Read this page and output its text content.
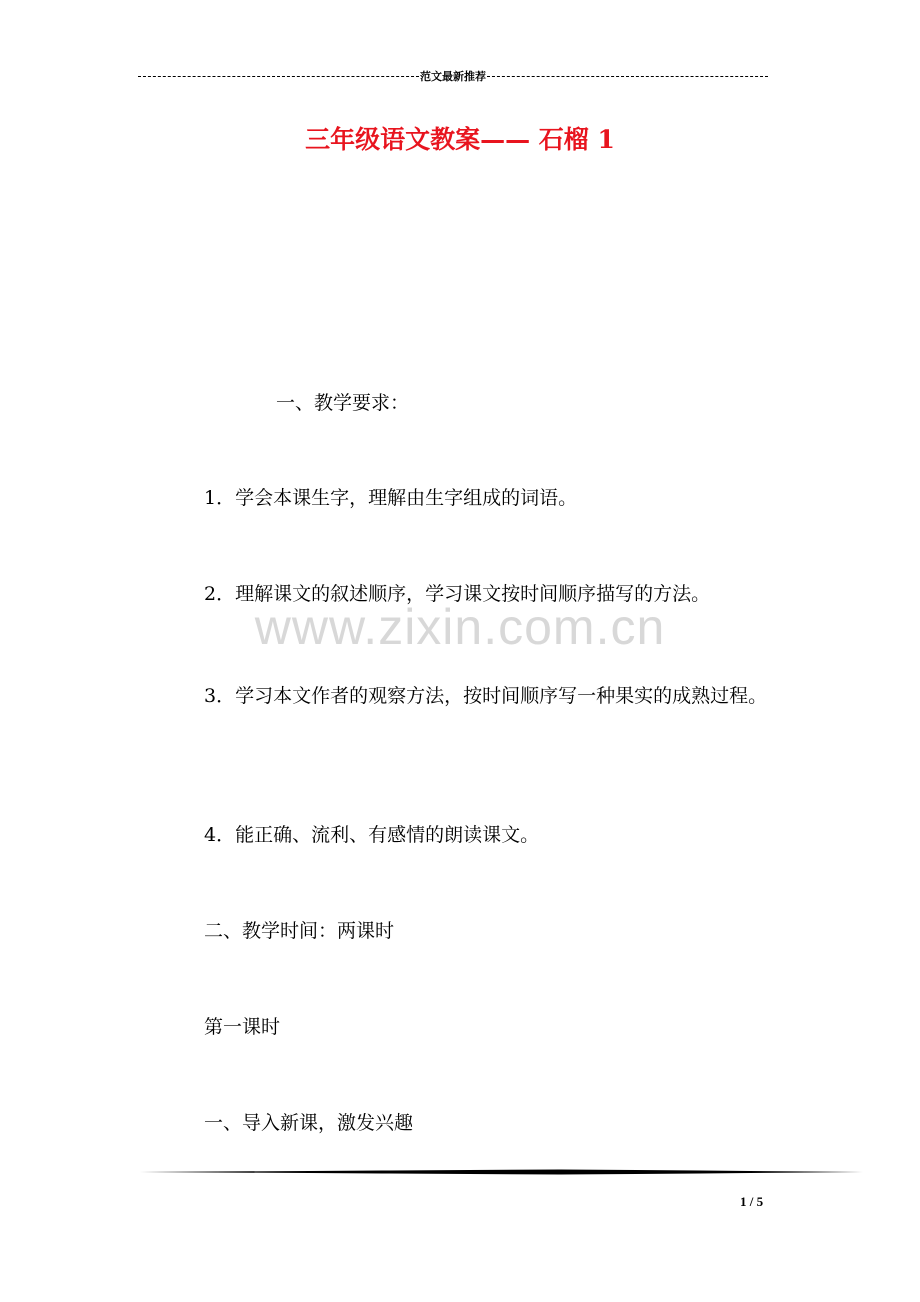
范文最新推荐
三年级语文教案—— 石榴 1
一、教学要求：
1．学会本课生字，理解由生字组成的词语。
2．理解课文的叙述顺序，学习课文按时间顺序描写的方法。
www.zixin.com.cn
3．学习本文作者的观察方法，按时间顺序写一种果实的成熟过程。
4．能正确、流利、有感情的朗读课文。
二、教学时间：两课时
第一课时
一、导入新课，激发兴趣
1 / 5
